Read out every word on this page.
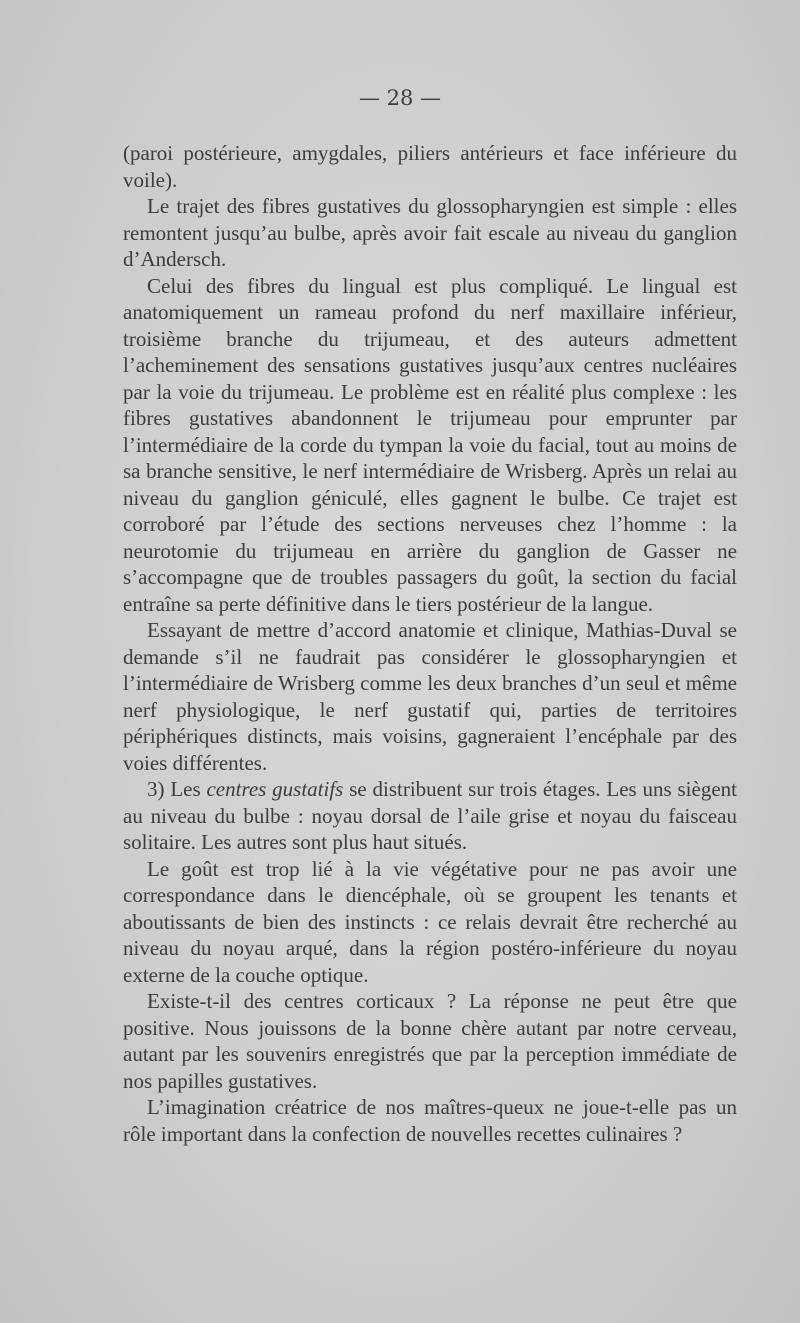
— 28 —

(paroi postérieure, amygdales, piliers antérieurs et face inférieure du voile).

Le trajet des fibres gustatives du glossopharyngien est simple : elles remontent jusqu’au bulbe, après avoir fait escale au niveau du ganglion d’Andersch.

Celui des fibres du lingual est plus compliqué. Le lingual est anatomiquement un rameau profond du nerf maxillaire inférieur, troisième branche du trijumeau, et des auteurs admettent l’acheminement des sensations gustatives jusqu’aux centres nucléaires par la voie du trijumeau. Le problème est en réalité plus complexe : les fibres gustatives abandonnent le trijumeau pour emprunter par l’intermédiaire de la corde du tympan la voie du facial, tout au moins de sa branche sensitive, le nerf intermédiaire de Wrisberg. Après un relai au niveau du ganglion géniculé, elles gagnent le bulbe. Ce trajet est corroboré par l’étude des sections nerveuses chez l’homme : la neurotomie du trijumeau en arrière du ganglion de Gasser ne s’accompagne que de troubles passagers du goût, la section du facial entraîne sa perte définitive dans le tiers postérieur de la langue.

Essayant de mettre d’accord anatomie et clinique, Mathias-Duval se demande s’il ne faudrait pas considérer le glossopharyngien et l’intermédiaire de Wrisberg comme les deux branches d’un seul et même nerf physiologique, le nerf gustatif qui, parties de territoires périphériques distincts, mais voisins, gagneraient l’encéphale par des voies différentes.

3) Les centres gustatifs se distribuent sur trois étages. Les uns siègent au niveau du bulbe : noyau dorsal de l’aile grise et noyau du faisceau solitaire. Les autres sont plus haut situés.

Le goût est trop lié à la vie végétative pour ne pas avoir une correspondance dans le diencéphale, où se groupent les tenants et aboutissants de bien des instincts : ce relais devrait être recherché au niveau du noyau arqué, dans la région postéro-inférieure du noyau externe de la couche optique.

Existe-t-il des centres corticaux ? La réponse ne peut être que positive. Nous jouissons de la bonne chère autant par notre cerveau, autant par les souvenirs enregistrés que par la perception immédiate de nos papilles gustatives.

L’imagination créatrice de nos maîtres-queux ne joue-t-elle pas un rôle important dans la confection de nouvelles recettes culinaires ?
